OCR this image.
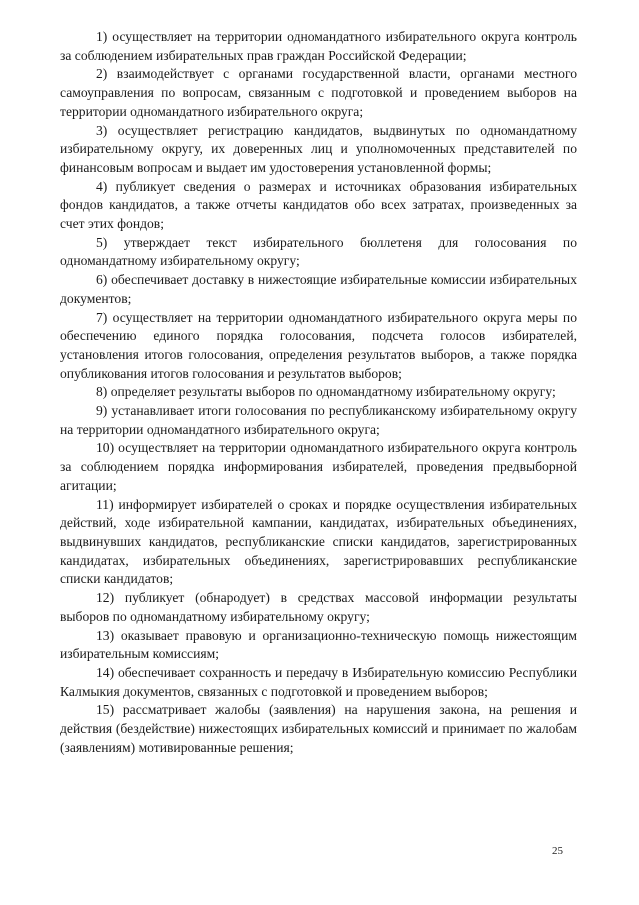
1) осуществляет на территории одномандатного избирательного округа контроль за соблюдением избирательных прав граждан Российской Федерации;

2) взаимодействует с органами государственной власти, органами местного самоуправления по вопросам, связанным с подготовкой и проведением выборов на территории одномандатного избирательного округа;

3) осуществляет регистрацию кандидатов, выдвинутых по одномандатному избирательному округу, их доверенных лиц и уполномоченных представителей по финансовым вопросам и выдает им удостоверения установленной формы;

4) публикует сведения о размерах и источниках образования избирательных фондов кандидатов, а также отчеты кандидатов обо всех затратах, произведенных за счет этих фондов;

5) утверждает текст избирательного бюллетеня для голосования по одномандатному избирательному округу;

6) обеспечивает доставку в нижестоящие избирательные комиссии избирательных документов;

7) осуществляет на территории одномандатного избирательного округа меры по обеспечению единого порядка голосования, подсчета голосов избирателей, установления итогов голосования, определения результатов выборов, а также порядка опубликования итогов голосования и результатов выборов;

8) определяет результаты выборов по одномандатному избирательному округу;

9) устанавливает итоги голосования по республиканскому избирательному округу на территории одномандатного избирательного округа;

10) осуществляет на территории одномандатного избирательного округа контроль за соблюдением порядка информирования избирателей, проведения предвыборной агитации;

11) информирует избирателей о сроках и порядке осуществления избирательных действий, ходе избирательной кампании, кандидатах, избирательных объединениях, выдвинувших кандидатов, республиканские списки кандидатов, зарегистрированных кандидатах, избирательных объединениях, зарегистрировавших республиканские списки кандидатов;

12) публикует (обнародует) в средствах массовой информации результаты выборов по одномандатному избирательному округу;

13) оказывает правовую и организационно-техническую помощь нижестоящим избирательным комиссиям;

14) обеспечивает сохранность и передачу в Избирательную комиссию Республики Калмыкия документов, связанных с подготовкой и проведением выборов;

15) рассматривает жалобы (заявления) на нарушения закона, на решения и действия (бездействие) нижестоящих избирательных комиссий и принимает по жалобам (заявлениям) мотивированные решения;

25
